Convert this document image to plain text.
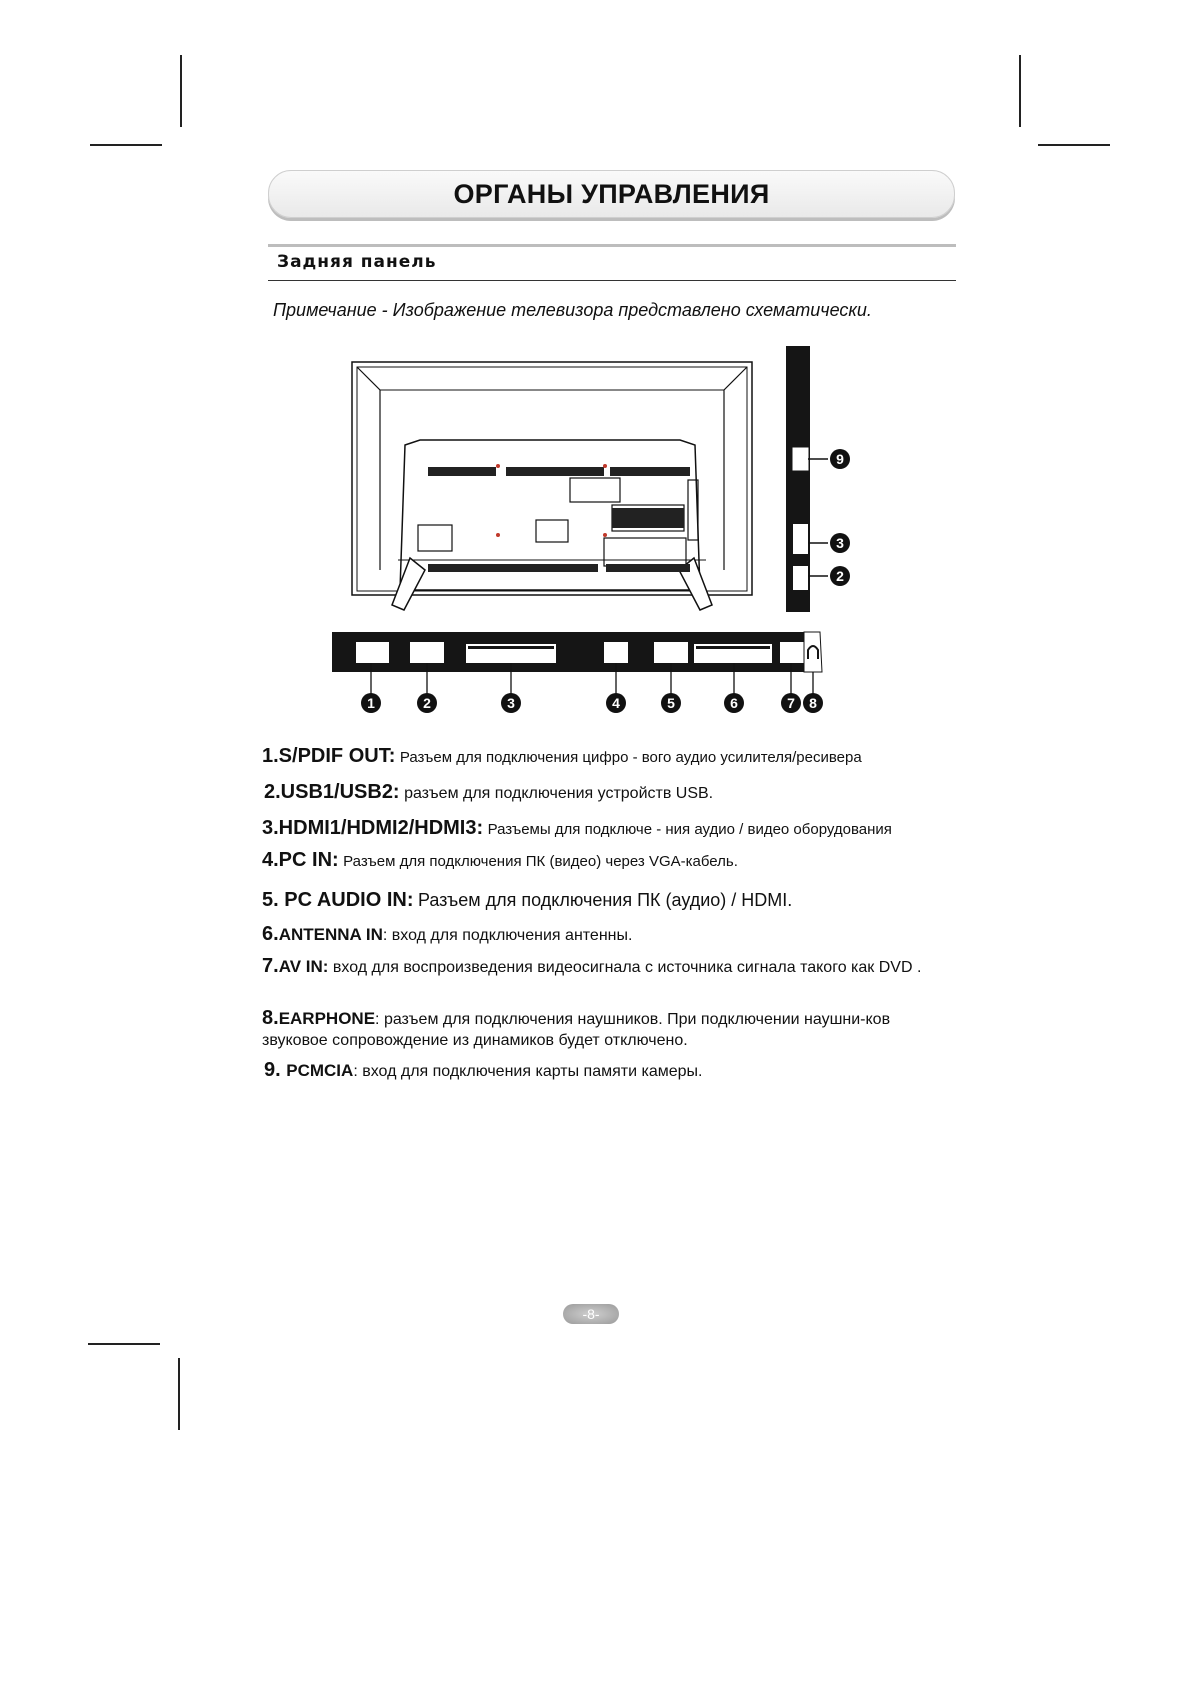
ОРГАНЫ УПРАВЛЕНИЯ
Задняя панель
Примечание - Изображение телевизора представлено схематически.
1	2	3	4	5	6	7 8
9
3
2
1.S/PDIF OUT: Разъем для подключения цифро - вого аудио усилителя/ресивера
2.USB1/USB2: разъем для подключения устройств USB.
3.HDMI1/HDMI2/HDMI3: Разъемы для подключе - ния аудио / видео оборудования
4.PC IN: Разъем для подключения ПК (видео) через VGA-кабель.
5. PC AUDIO IN: Разъем для подключения ПК (аудио) / HDMI.
6.ANTENNA IN: вход для подключения антенны.
7.AV IN: вход для воспроизведения видеосигнала с источника сигнала такого как DVD .
8.EARPHONE: разъем для подключения наушников. При подключении наушни-ков звуковое сопровождение из динамиков будет отключено.
9. PCMCIA: вход для подключения карты памяти камеры.
-8-
